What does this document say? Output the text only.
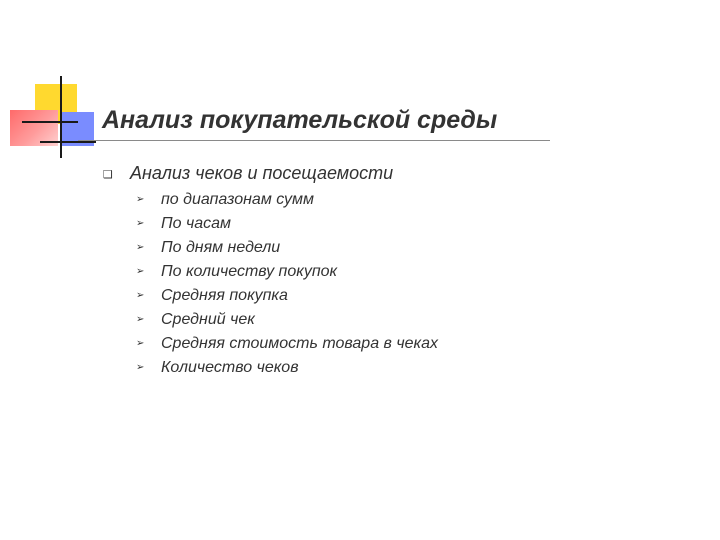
Анализ покупательской среды
❑ Анализ чеков и посещаемости
➢ по диапазонам сумм
➢ По часам
➢ По дням недели
➢ По количеству покупок
➢ Средняя покупка
➢ Средний чек
➢ Средняя стоимость товара в чеках
➢ Количество чеков
